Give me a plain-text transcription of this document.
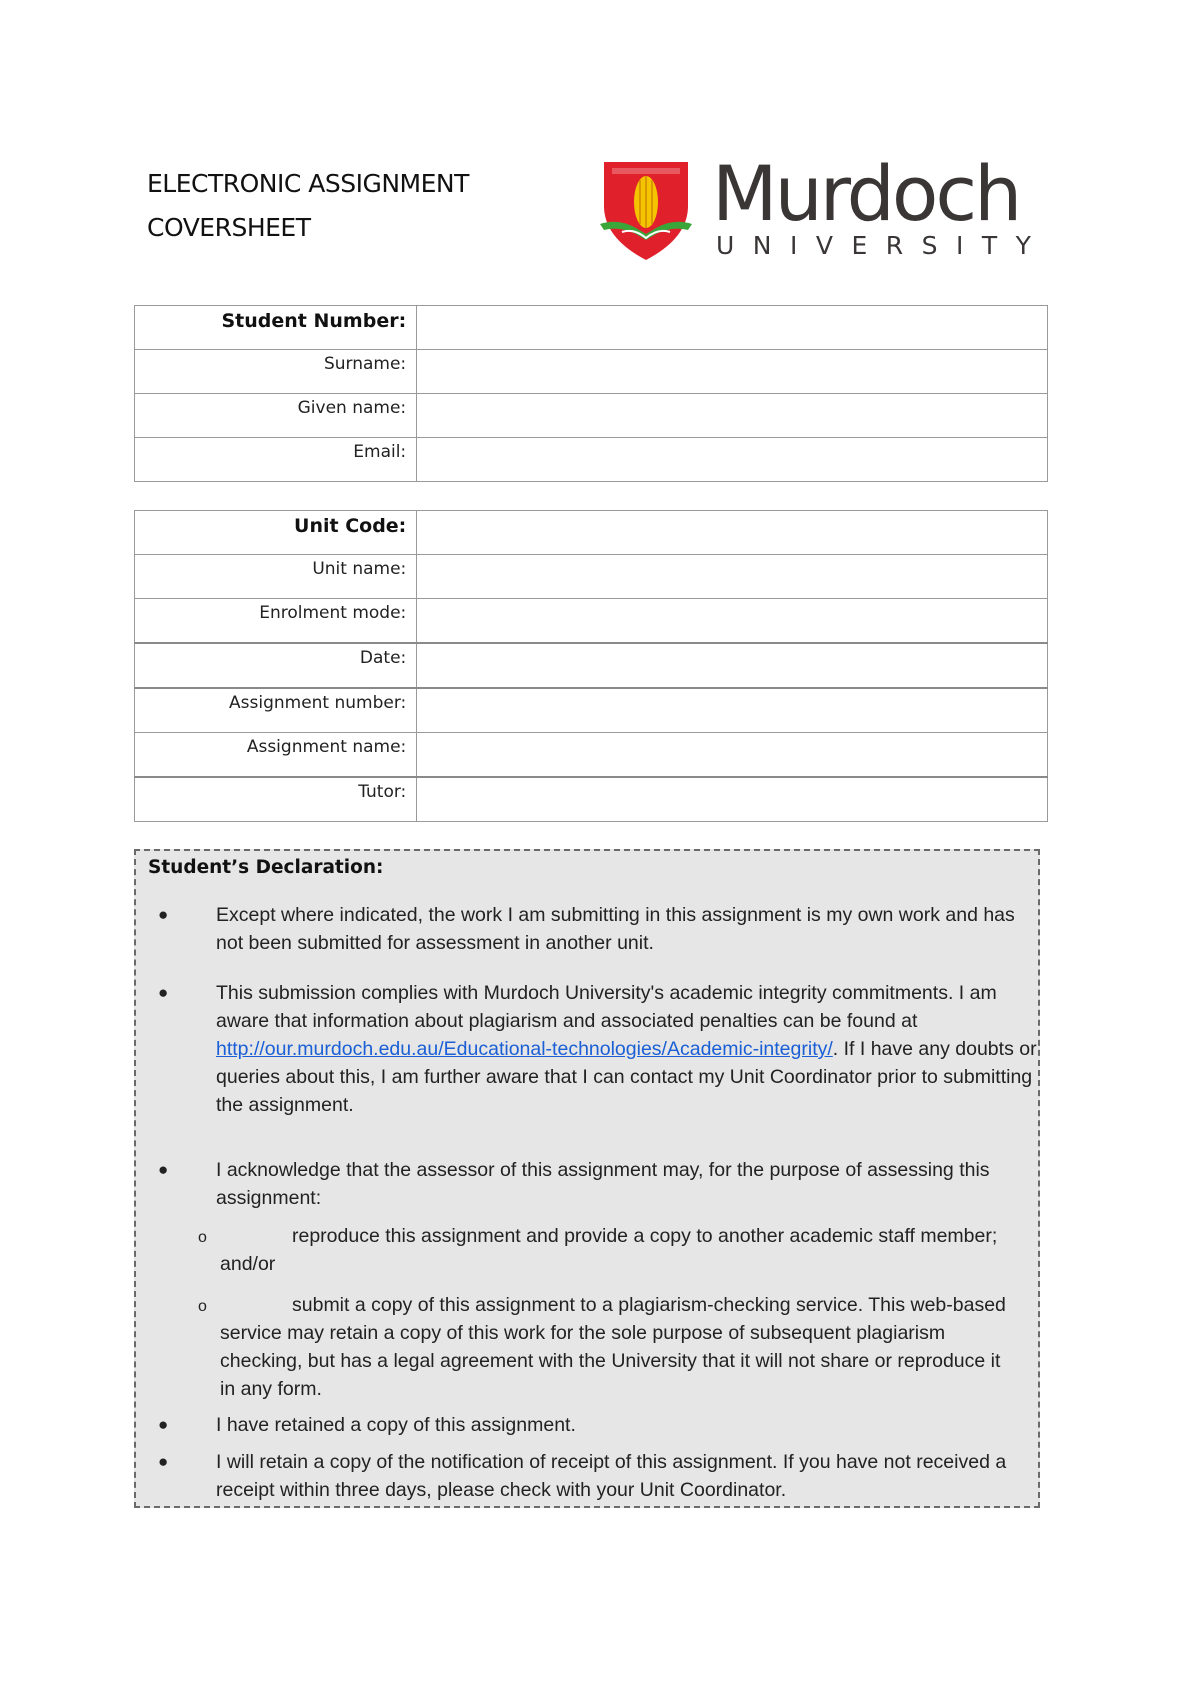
ELECTRONIC ASSIGNMENT
COVERSHEET	Murdoch
UNIVERSITY
Student Number:	
Surname:	
Given name:	
Email:	
Unit Code:	
Unit name:	
Enrolment mode:	
Date:	
Assignment number:	
Assignment name:	
Tutor:	
Student’s Declaration:
● Except where indicated, the work I am submitting in this assignment is my own work and has not been submitted for assessment in another unit.
● This submission complies with Murdoch University's academic integrity commitments. I am aware that information about plagiarism and associated penalties can be found at http://our.murdoch.edu.au/Educational-technologies/Academic-integrity/. If I have any doubts or queries about this, I am further aware that I can contact my Unit Coordinator prior to submitting the assignment.
● I acknowledge that the assessor of this assignment may, for the purpose of assessing this assignment:
o	reproduce this assignment and provide a copy to another academic staff member; and/or
o	submit a copy of this assignment to a plagiarism-checking service. This web-based service may retain a copy of this work for the sole purpose of subsequent plagiarism checking, but has a legal agreement with the University that it will not share or reproduce it in any form.
● I have retained a copy of this assignment.
● I will retain a copy of the notification of receipt of this assignment. If you have not received a receipt within three days, please check with your Unit Coordinator.
